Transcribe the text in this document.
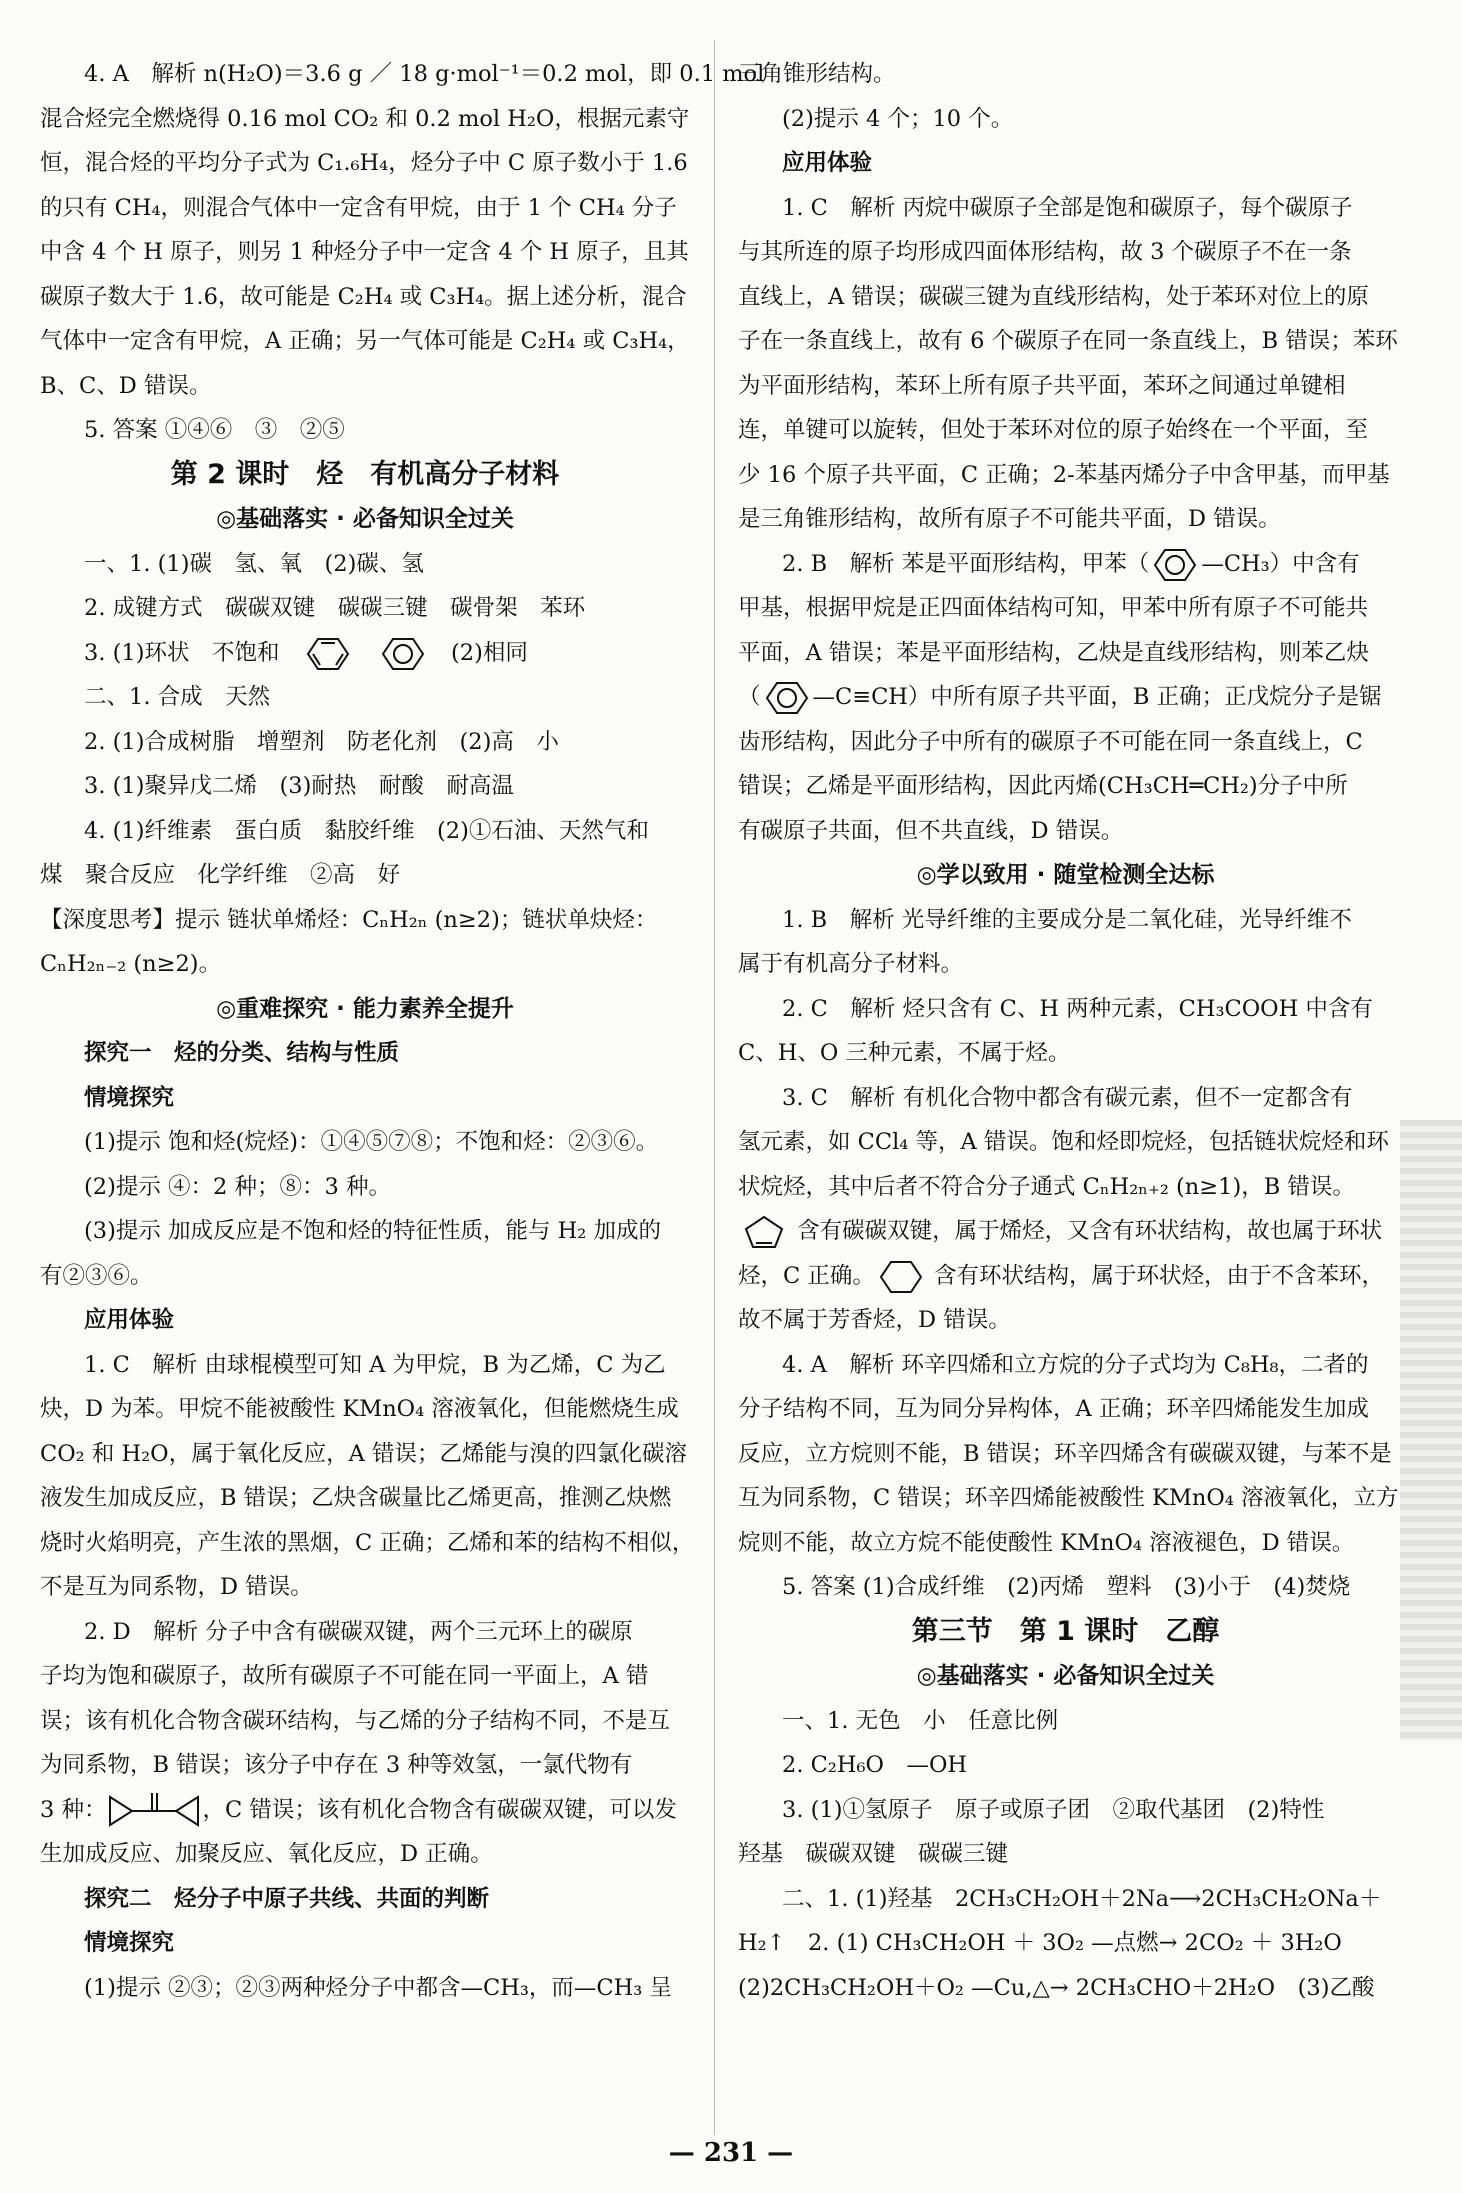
4. A　解析 n(H₂O)＝3.6 g ／ 18 g·mol⁻¹＝0.2 mol，即 0.1 mol
混合烃完全燃烧得 0.16 mol CO₂ 和 0.2 mol H₂O，根据元素守
恒，混合烃的平均分子式为 C₁.₆H₄，烃分子中 C 原子数小于 1.6
的只有 CH₄，则混合气体中一定含有甲烷，由于 1 个 CH₄ 分子
中含 4 个 H 原子，则另 1 种烃分子中一定含 4 个 H 原子，且其
碳原子数大于 1.6，故可能是 C₂H₄ 或 C₃H₄。据上述分析，混合
气体中一定含有甲烷，A 正确；另一气体可能是 C₂H₄ 或 C₃H₄，
B、C、D 错误。
5. 答案 ①④⑥　③　②⑤
第 2 课时　烃　有机高分子材料
◎基础落实 · 必备知识全过关
一、1. (1)碳　氢、氧　(2)碳、氢
2. 成键方式　碳碳双键　碳碳三键　碳骨架　苯环
3. (1)环状　不饱和　　	　(2)相同
二、1. 合成　天然
2. (1)合成树脂　增塑剂　防老化剂　(2)高　小
3. (1)聚异戊二烯　(3)耐热　耐酸　耐高温
4. (1)纤维素　蛋白质　黏胶纤维　(2)①石油、天然气和
煤　聚合反应　化学纤维　②高　好
【深度思考】提示 链状单烯烃：CₙH₂ₙ (n≥2)；链状单炔烃：
CₙH₂ₙ₋₂ (n≥2)。
◎重难探究 · 能力素养全提升
探究一　烃的分类、结构与性质
情境探究
(1)提示 饱和烃(烷烃)：①④⑤⑦⑧；不饱和烃：②③⑥。
(2)提示 ④：2 种；⑧：3 种。
(3)提示 加成反应是不饱和烃的特征性质，能与 H₂ 加成的
有②③⑥。
应用体验
1. C　解析 由球棍模型可知 A 为甲烷，B 为乙烯，C 为乙
炔，D 为苯。甲烷不能被酸性 KMnO₄ 溶液氧化，但能燃烧生成
CO₂ 和 H₂O，属于氧化反应，A 错误；乙烯能与溴的四氯化碳溶
液发生加成反应，B 错误；乙炔含碳量比乙烯更高，推测乙炔燃
烧时火焰明亮，产生浓的黑烟，C 正确；乙烯和苯的结构不相似，
不是互为同系物，D 错误。
2. D　解析 分子中含有碳碳双键，两个三元环上的碳原
子均为饱和碳原子，故所有碳原子不可能在同一平面上，A 错
误；该有机化合物含碳环结构，与乙烯的分子结构不同，不是互
为同系物，B 错误；该分子中存在 3 种等效氢，一氯代物有
3 种：	，C 错误；该有机化合物含有碳碳双键，可以发
生加成反应、加聚反应、氧化反应，D 正确。
探究二　烃分子中原子共线、共面的判断
情境探究
(1)提示 ②③；②③两种烃分子中都含—CH₃，而—CH₃ 呈
三角锥形结构。
(2)提示 4 个；10 个。
应用体验
1. C　解析 丙烷中碳原子全部是饱和碳原子，每个碳原子
与其所连的原子均形成四面体形结构，故 3 个碳原子不在一条
直线上，A 错误；碳碳三键为直线形结构，处于苯环对位上的原
子在一条直线上，故有 6 个碳原子在同一条直线上，B 错误；苯环
为平面形结构，苯环上所有原子共平面，苯环之间通过单键相
连，单键可以旋转，但处于苯环对位的原子始终在一个平面，至
少 16 个原子共平面，C 正确；2-苯基丙烯分子中含甲基，而甲基
是三角锥形结构，故所有原子不可能共平面，D 错误。
2. B　解析 苯是平面形结构，甲苯（ —CH₃）中含有
甲基，根据甲烷是正四面体结构可知，甲苯中所有原子不可能共
平面，A 错误；苯是平面形结构，乙炔是直线形结构，则苯乙炔
（ —C≡CH）中所有原子共平面，B 正确；正戊烷分子是锯
齿形结构，因此分子中所有的碳原子不可能在同一条直线上，C
错误；乙烯是平面形结构，因此丙烯(CH₃CH═CH₂)分子中所
有碳原子共面，但不共直线，D 错误。
◎学以致用 · 随堂检测全达标
1. B　解析 光导纤维的主要成分是二氧化硅，光导纤维不
属于有机高分子材料。
2. C　解析 烃只含有 C、H 两种元素，CH₃COOH 中含有
C、H、O 三种元素，不属于烃。
3. C　解析 有机化合物中都含有碳元素，但不一定都含有
氢元素，如 CCl₄ 等，A 错误。饱和烃即烷烃，包括链状烷烃和环
状烷烃，其中后者不符合分子通式 CₙH₂ₙ₊₂ (n≥1)，B 错误。
含有碳碳双键，属于烯烃，又含有环状结构，故也属于环状
烃，C 正确。 含有环状结构，属于环状烃，由于不含苯环，
故不属于芳香烃，D 错误。
4. A　解析 环辛四烯和立方烷的分子式均为 C₈H₈，二者的
分子结构不同，互为同分异构体，A 正确；环辛四烯能发生加成
反应，立方烷则不能，B 错误；环辛四烯含有碳碳双键，与苯不是
互为同系物，C 错误；环辛四烯能被酸性 KMnO₄ 溶液氧化，立方
烷则不能，故立方烷不能使酸性 KMnO₄ 溶液褪色，D 错误。
5. 答案 (1)合成纤维　(2)丙烯　塑料　(3)小于　(4)焚烧
第三节　第 1 课时　乙醇
◎基础落实 · 必备知识全过关
一、1. 无色　小　任意比例
2. C₂H₆O　—OH
3. (1)①氢原子　原子或原子团　②取代基团　(2)特性
羟基　碳碳双键　碳碳三键
二、1. (1)羟基　2CH₃CH₂OH＋2Na⟶2CH₃CH₂ONa＋
H₂↑　2. (1) CH₃CH₂OH ＋ 3O₂ —点燃→ 2CO₂ ＋ 3H₂O
(2)2CH₃CH₂OH＋O₂ —Cu,△→ 2CH₃CHO＋2H₂O　(3)乙酸
— 231 —
